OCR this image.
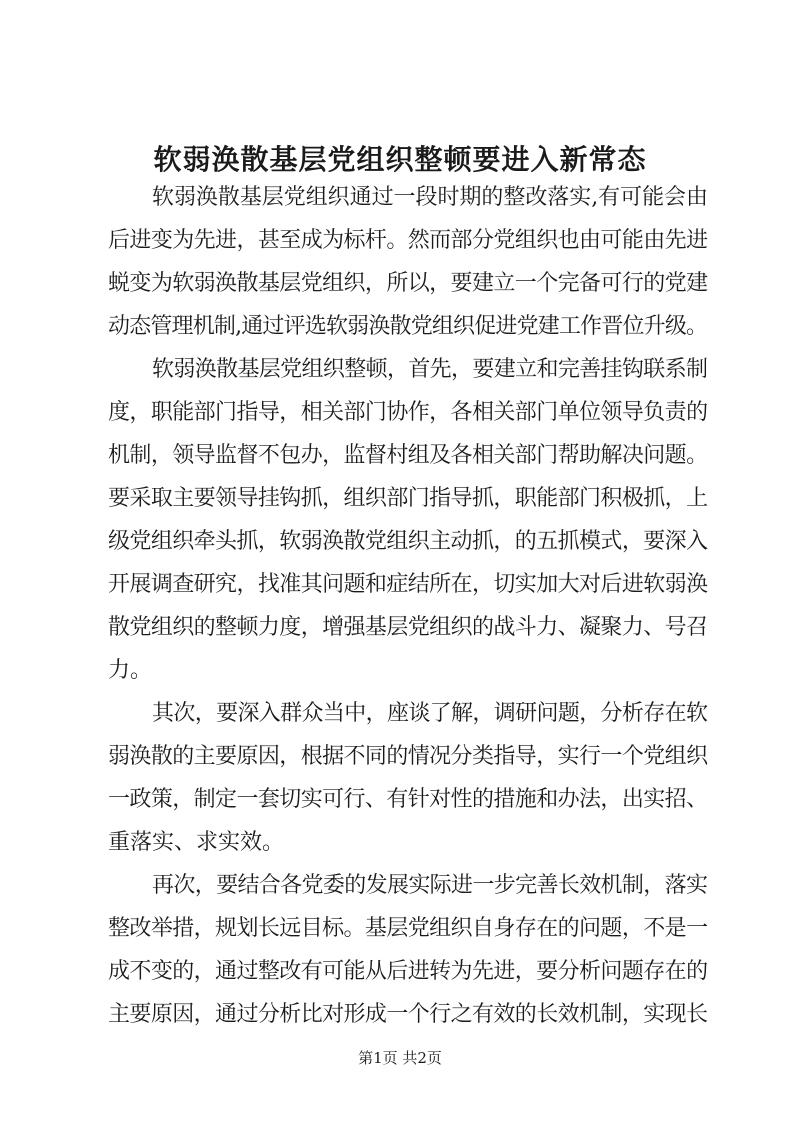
软弱涣散基层党组织整顿要进入新常态
软弱涣散基层党组织通过一段时期的整改落实,有可能会由
后进变为先进，甚至成为标杆。然而部分党组织也由可能由先进
蜕变为软弱涣散基层党组织，所以，要建立一个完备可行的党建
动态管理机制,通过评选软弱涣散党组织促进党建工作晋位升级。
软弱涣散基层党组织整顿，首先，要建立和完善挂钩联系制
度，职能部门指导，相关部门协作，各相关部门单位领导负责的
机制，领导监督不包办，监督村组及各相关部门帮助解决问题。
要采取主要领导挂钩抓，组织部门指导抓，职能部门积极抓，上
级党组织牵头抓，软弱涣散党组织主动抓，的五抓模式，要深入
开展调查研究，找准其问题和症结所在，切实加大对后进软弱涣
散党组织的整顿力度，增强基层党组织的战斗力、凝聚力、号召
力。
其次，要深入群众当中，座谈了解，调研问题，分析存在软
弱涣散的主要原因，根据不同的情况分类指导，实行一个党组织
一政策，制定一套切实可行、有针对性的措施和办法，出实招、
重落实、求实效。
再次，要结合各党委的发展实际进一步完善长效机制，落实
整改举措，规划长远目标。基层党组织自身存在的问题，不是一
成不变的，通过整改有可能从后进转为先进，要分析问题存在的
主要原因，通过分析比对形成一个行之有效的长效机制，实现长
第1页 共2页
